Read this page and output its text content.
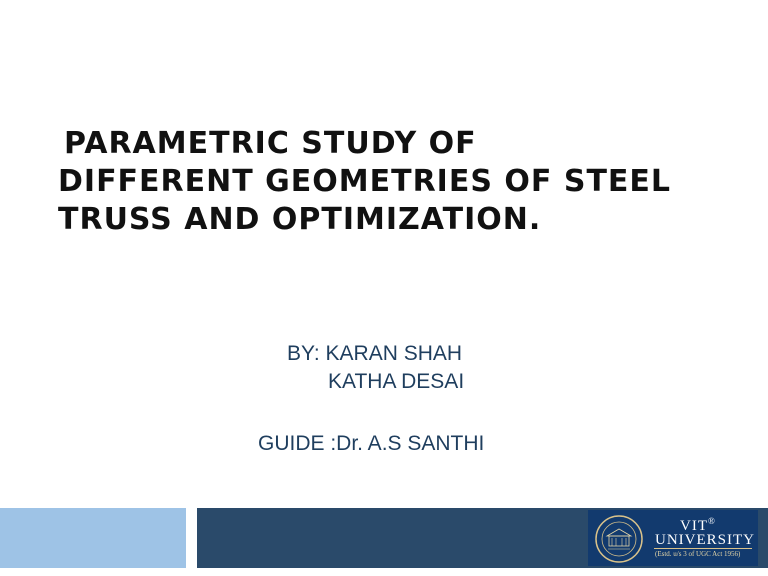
PARAMETRIC STUDY OF
DIFFERENT GEOMETRIES OF STEEL
TRUSS AND OPTIMIZATION.
BY: KARAN SHAH
KATHA DESAI
GUIDE :Dr. A.S SANTHI
VIT®
UNIVERSITY
(Estd. u/s 3 of UGC Act 1956)
